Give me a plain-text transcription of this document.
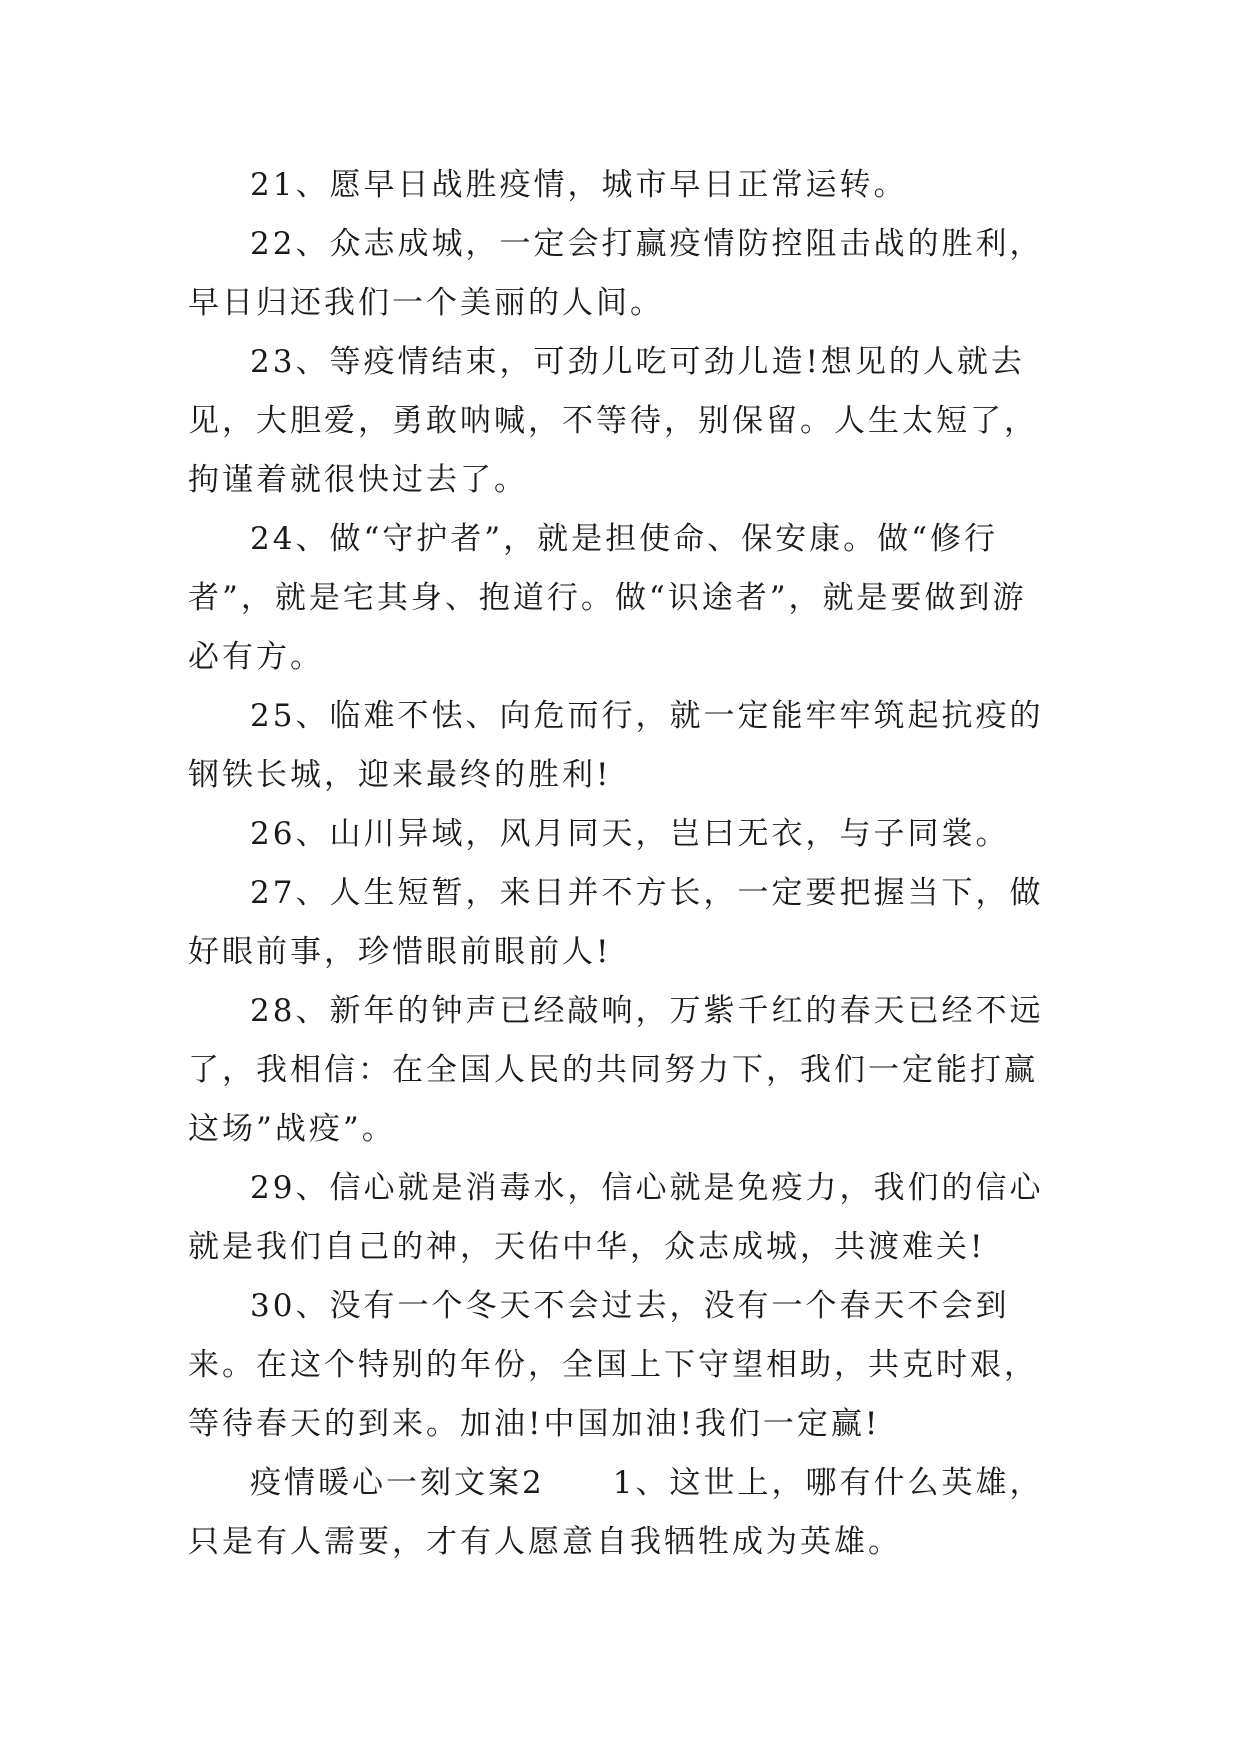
21、愿早日战胜疫情，城市早日正常运转。

22、众志成城，一定会打赢疫情防控阻击战的胜利，早日归还我们一个美丽的人间。

23、等疫情结束，可劲儿吃可劲儿造!想见的人就去见，大胆爱，勇敢呐喊，不等待，别保留。人生太短了，拘谨着就很快过去了。

24、做“守护者”，就是担使命、保安康。做“修行者”，就是宅其身、抱道行。做“识途者”，就是要做到游必有方。

25、临难不怯、向危而行，就一定能牢牢筑起抗疫的钢铁长城，迎来最终的胜利!

26、山川异域，风月同天，岂曰无衣，与子同裳。

27、人生短暂，来日并不方长，一定要把握当下，做好眼前事，珍惜眼前眼前人!

28、新年的钟声已经敲响，万紫千红的春天已经不远了，我相信：在全国人民的共同努力下，我们一定能打赢这场”战疫”。

29、信心就是消毒水，信心就是免疫力，我们的信心就是我们自己的神，天佑中华，众志成城，共渡难关!

30、没有一个冬天不会过去，没有一个春天不会到来。在这个特别的年份，全国上下守望相助，共克时艰，等待春天的到来。加油!中国加油!我们一定赢!

疫情暖心一刻文案2　　1、这世上，哪有什么英雄，只是有人需要，才有人愿意自我牺牲成为英雄。
